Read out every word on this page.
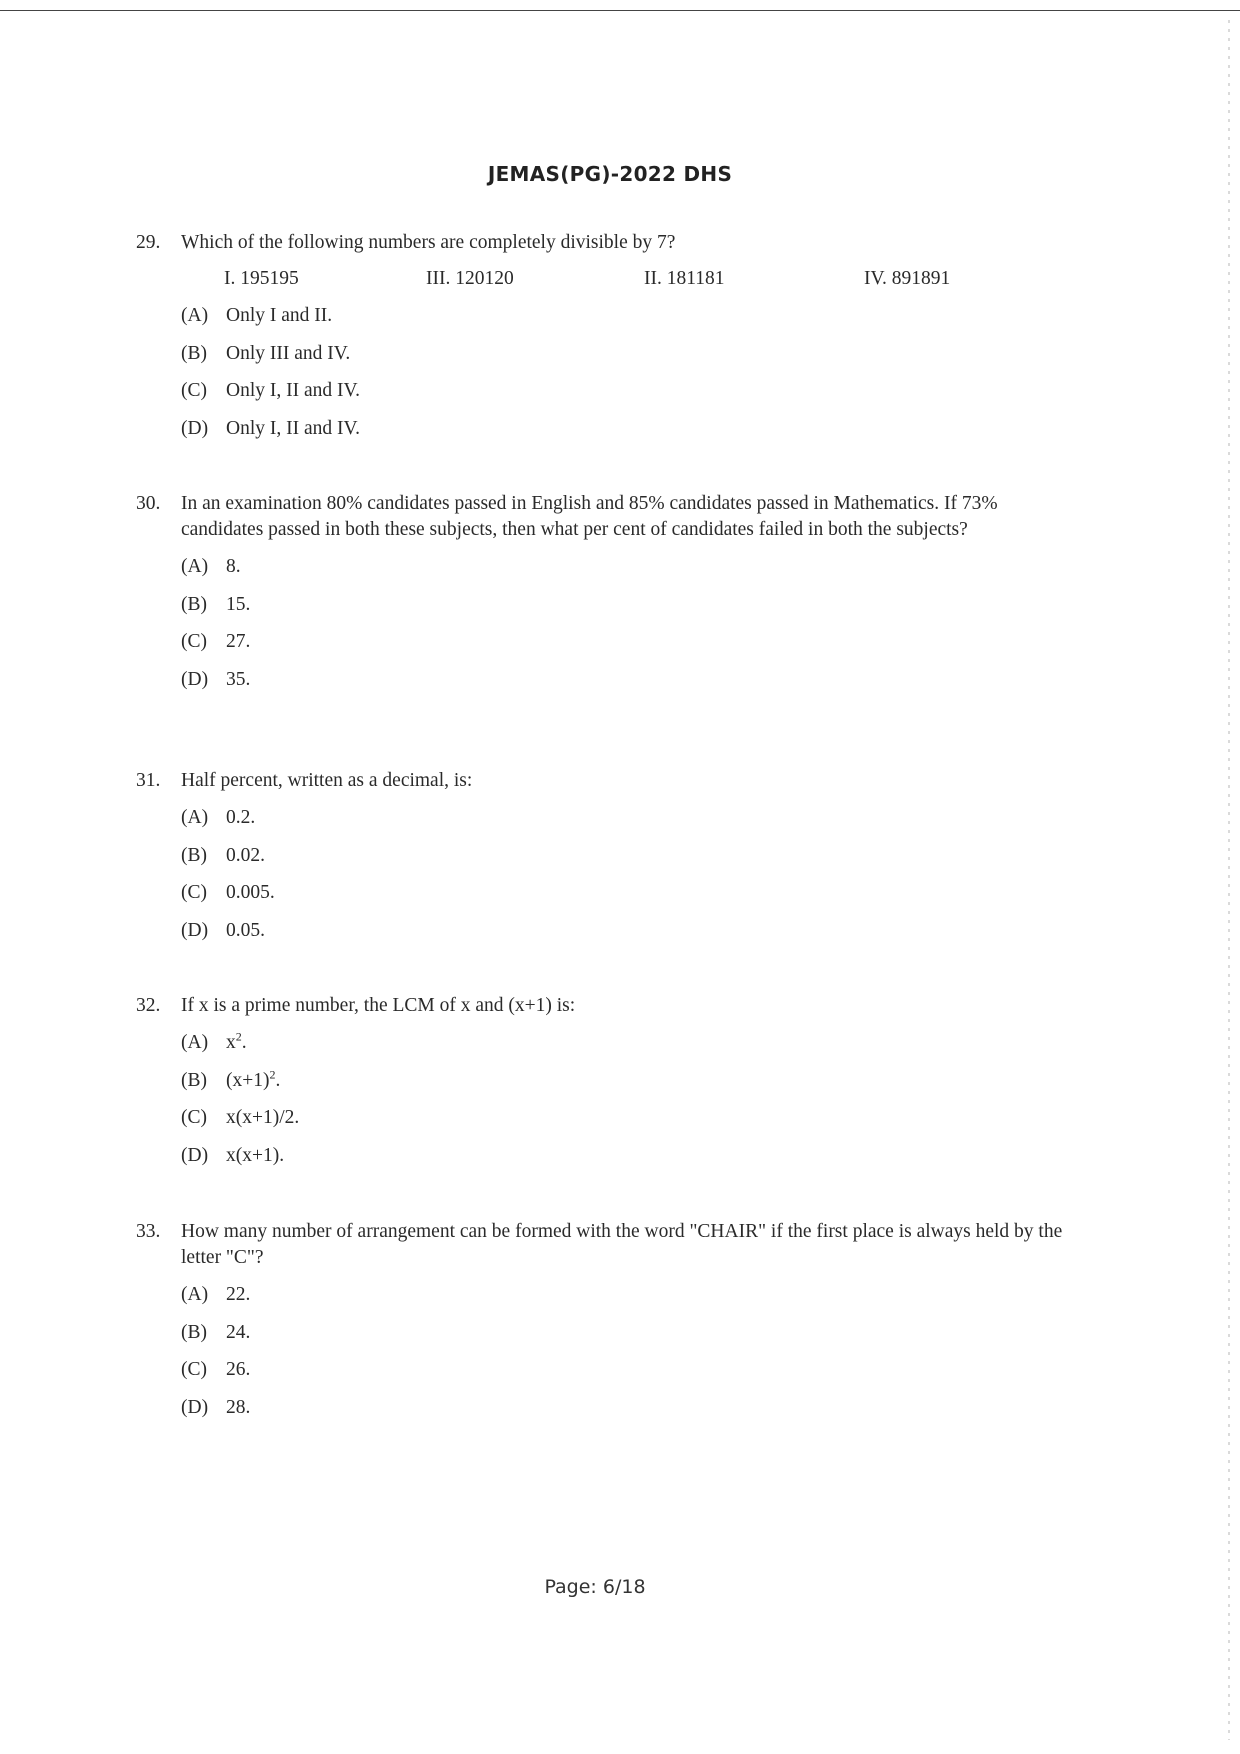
JEMAS(PG)-2022 DHS
29. Which of the following numbers are completely divisible by 7?
I. 195195	III. 120120	II. 181181	IV. 891891
(A) Only I and II.
(B) Only III and IV.
(C) Only I, II and IV.
(D) Only I, II and IV.
30. In an examination 80% candidates passed in English and 85% candidates passed in Mathematics. If 73% candidates passed in both these subjects, then what per cent of candidates failed in both the subjects?
(A) 8.
(B) 15.
(C) 27.
(D) 35.
31. Half percent, written as a decimal, is:
(A) 0.2.
(B) 0.02.
(C) 0.005.
(D) 0.05.
32. If x is a prime number, the LCM of x and (x+1) is:
(A) $x^2$.
(B) $(x+1)^2$.
(C) x(x+1)/2.
(D) x(x+1).
33. How many number of arrangement can be formed with the word "CHAIR" if the first place is always held by the letter "C"?
(A) 22.
(B) 24.
(C) 26.
(D) 28.
Page: 6/18
